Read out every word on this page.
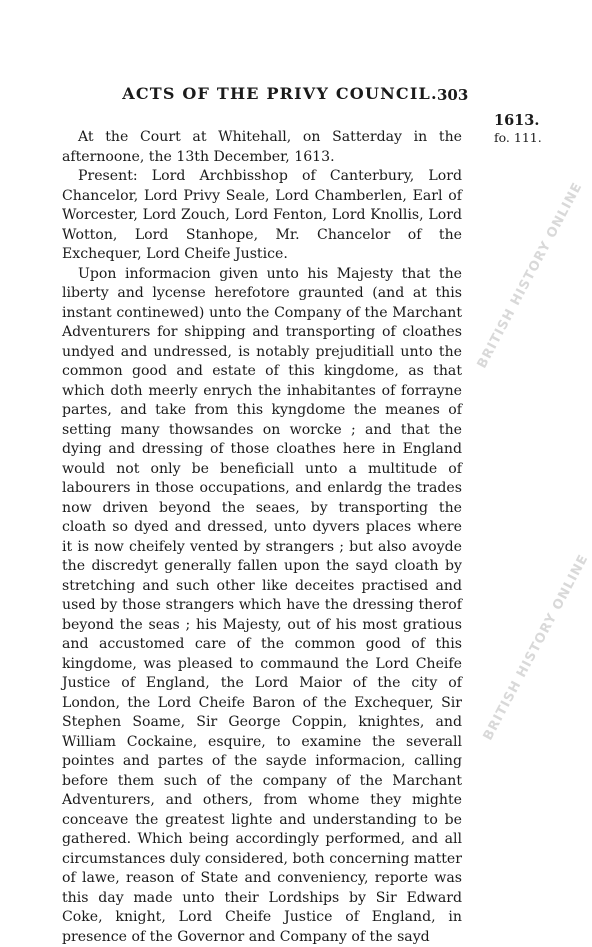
BRITISH HISTORY ONLINE
BRITISH HISTORY ONLINE
ACTS OF THE PRIVY COUNCIL. 303
1613.
fo. 111.

At the Court at Whitehall, on Satterday in the afternoone, the 13th December, 1613.

Present: Lord Archbisshop of Canterbury, Lord Chancelor, Lord Privy Seale, Lord Chamberlen, Earl of Worcester, Lord Zouch, Lord Fenton, Lord Knollis, Lord Wotton, Lord Stanhope, Mr. Chancelor of the Exchequer, Lord Cheife Justice.

Upon informacion given unto his Majesty that the liberty and lycense herefotore graunted (and at this instant continewed) unto the Company of the Marchant Adventurers for shipping and transporting of cloathes undyed and undressed, is notably prejuditiall unto the common good and estate of this kingdome, as that which doth meerly enrych the inhabitantes of forrayne partes, and take from this kyngdome the meanes of setting many thowsandes on worcke ; and that the dying and dressing of those cloathes here in England would not only be beneficiall unto a multitude of labourers in those occupations, and enlardg the trades now driven beyond the seaes, by transporting the cloath so dyed and dressed, unto dyvers places where it is now cheifely vented by strangers ; but also avoyde the discredyt generally fallen upon the sayd cloath by stretching and such other like deceites practised and used by those strangers which have the dressing therof beyond the seas ; his Majesty, out of his most gratious and accustomed care of the common good of this kingdome, was pleased to commaund the Lord Cheife Justice of England, the Lord Maior of the city of London, the Lord Cheife Baron of the Exchequer, Sir Stephen Soame, Sir George Coppin, knightes, and William Cockaine, esquire, to examine the severall pointes and partes of the sayde informacion, calling before them such of the company of the Marchant Adventurers, and others, from whome they mighte conceave the greatest lighte and understanding to be gathered. Which being accordingly performed, and all circumstances duly considered, both concerning matter of lawe, reason of State and conveniency, reporte was this day made unto their Lordships by Sir Edward Coke, knight, Lord Cheife Justice of England, in presence of the Governor and Company of the sayd
